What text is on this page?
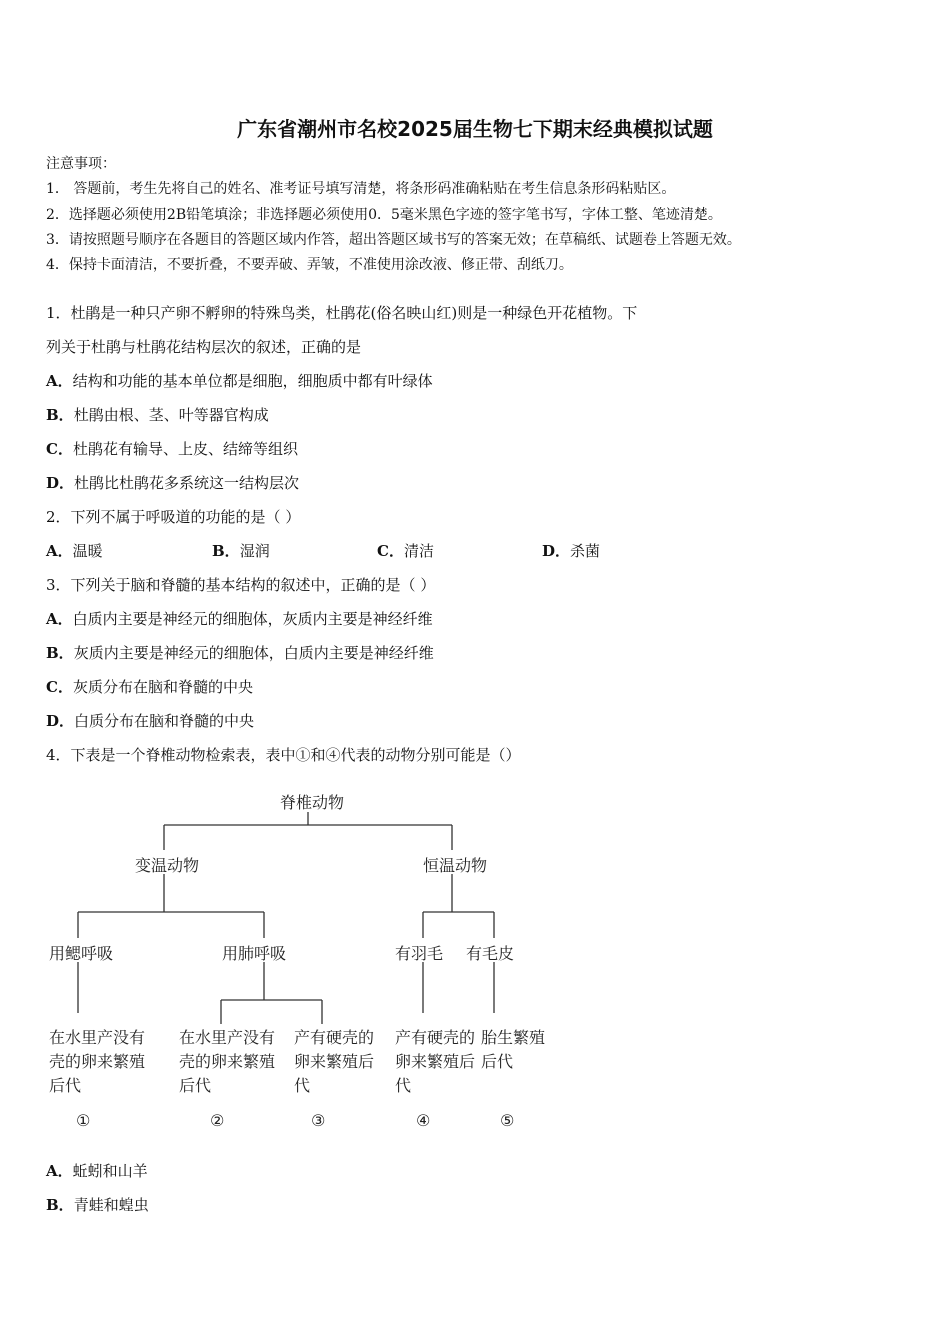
广东省潮州市名校2025届生物七下期末经典模拟试题
注意事项：
1． 答题前，考生先将自己的姓名、准考证号填写清楚，将条形码准确粘贴在考生信息条形码粘贴区。
2．选择题必须使用2B铅笔填涂；非选择题必须使用0．5毫米黑色字迹的签字笔书写，字体工整、笔迹清楚。
3．请按照题号顺序在各题目的答题区域内作答，超出答题区域书写的答案无效；在草稿纸、试题卷上答题无效。
4．保持卡面清洁，不要折叠，不要弄破、弄皱，不准使用涂改液、修正带、刮纸刀。
1．杜鹃是一种只产卵不孵卵的特殊鸟类，杜鹃花(俗名映山红)则是一种绿色开花植物。下
列关于杜鹃与杜鹃花结构层次的叙述，正确的是
A．结构和功能的基本单位都是细胞，细胞质中都有叶绿体
B．杜鹃由根、茎、叶等器官构成
C．杜鹃花有输导、上皮、结缔等组织
D．杜鹃比杜鹃花多系统这一结构层次
2．下列不属于呼吸道的功能的是（ ）
A．温暖	B．湿润	C．清洁	D．杀菌
3．下列关于脑和脊髓的基本结构的叙述中，正确的是（ ）
A．白质内主要是神经元的细胞体，灰质内主要是神经纤维
B．灰质内主要是神经元的细胞体，白质内主要是神经纤维
C．灰质分布在脑和脊髓的中央
D．白质分布在脑和脊髓的中央
4．下表是一个脊椎动物检索表，表中①和④代表的动物分别可能是（）
脊椎动物
变温动物	恒温动物
用鳃呼吸	用肺呼吸	有羽毛 有毛皮
在水里产没有壳的卵来繁殖后代
在水里产没有壳的卵来繁殖后代
产有硬壳的卵来繁殖后代
产有硬壳的卵来繁殖后代
胎生繁殖后代
①	②	③	④	⑤
A．蚯蚓和山羊
B．青蛙和蝗虫
